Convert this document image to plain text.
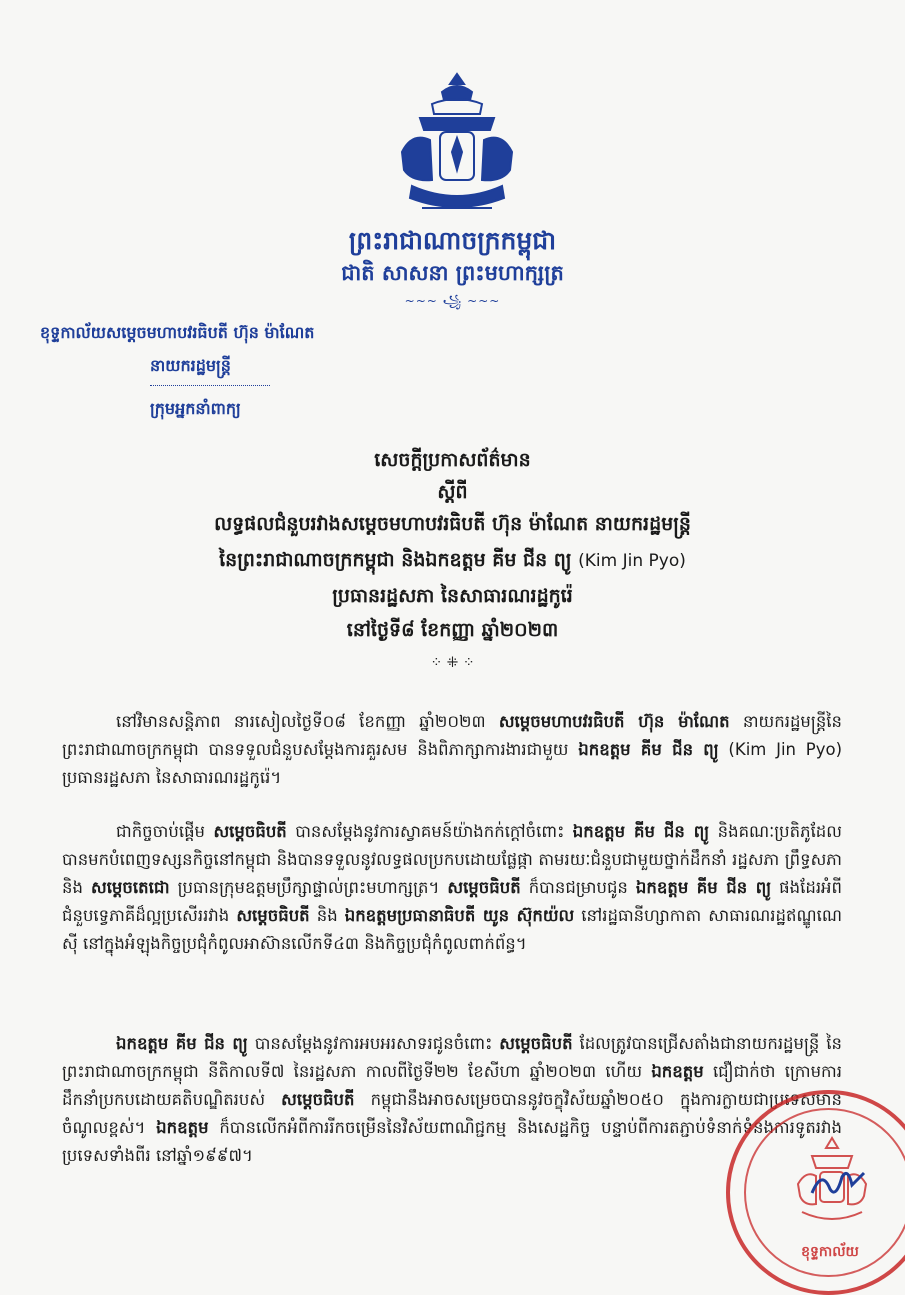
ព្រះរាជាណាចក្រកម្ពុជា
ជាតិ សាសនា ព្រះមហាក្សត្រ
~~~ ꧁ ~~~
ខុទ្ទកាល័យសម្តេចមហាបវរធិបតី ហ៊ុន ម៉ាណែត
នាយករដ្ឋមន្ត្រី
ក្រុមអ្នកនាំពាក្យ
សេចក្តីប្រកាសព័ត៌មាន
ស្តីពី
លទ្ធផលជំនួបរវាងសម្តេចមហាបវរធិបតី ហ៊ុន ម៉ាណែត នាយករដ្ឋមន្ត្រី
នៃព្រះរាជាណាចក្រកម្ពុជា និងឯកឧត្តម គីម ជីន ព្យូ (Kim Jin Pyo)
ប្រធានរដ្ឋសភា នៃសាធារណរដ្ឋកូរ៉េ
នៅថ្ងៃទី៨ ខែកញ្ញា ឆ្នាំ២០២៣
⁘ ⁜ ⁘

នៅវិមានសន្តិភាព នារសៀលថ្ងៃទី០៨ ខែកញ្ញា ឆ្នាំ២០២៣ សម្តេចមហាបវរធិបតី ហ៊ុន ម៉ាណែត នាយករដ្ឋមន្ត្រីនៃព្រះរាជាណាចក្រកម្ពុជា បានទទួលជំនួបសម្តែងការគួរសម និងពិភាក្សាការងារជាមួយ ឯកឧត្តម គីម ជីន ព្យូ (Kim Jin Pyo) ប្រធានរដ្ឋសភា នៃសាធារណរដ្ឋកូរ៉េ។

ជាកិច្ចចាប់ផ្តើម សម្តេចធិបតី បានសម្តែងនូវការស្វាគមន៍យ៉ាងកក់ក្តៅចំពោះ ឯកឧត្តម គីម ជីន ព្យូ និងគណៈប្រតិភូដែលបានមកបំពេញទស្សនកិច្ចនៅកម្ពុជា និងបានទទួលនូវលទ្ធផលប្រកបដោយផ្លែផ្កា តាមរយៈជំនួបជាមួយថ្នាក់ដឹកនាំ រដ្ឋសភា ព្រឹទ្ធសភា និង សម្តេចតេជោ ប្រធានក្រុមឧត្តមប្រឹក្សាផ្ទាល់ព្រះមហាក្សត្រ។ សម្តេចធិបតី ក៏បានជម្រាបជូន ឯកឧត្តម គីម ជីន ព្យូ ផងដែរអំពីជំនួបទ្វេភាគីដ៏ល្អប្រសើររវាង សម្តេចធិបតី និង ឯកឧត្តមប្រធានាធិបតី យូន ស៊ុកយ៉ល នៅរដ្ឋធានីហ្សាកាតា សាធារណរដ្ឋឥណ្ឌូណេស៊ី នៅក្នុងអំឡុងកិច្ចប្រជុំកំពូលអាស៊ានលើកទី៤៣ និងកិច្ចប្រជុំកំពូលពាក់ព័ន្ធ។

ឯកឧត្តម គីម ជីន ព្យូ បានសម្តែងនូវការអបអរសាទរជូនចំពោះ សម្តេចធិបតី ដែលត្រូវបានជ្រើសតាំងជានាយករដ្ឋមន្ត្រី នៃព្រះរាជាណាចក្រកម្ពុជា នីតិកាលទី៧ នៃរដ្ឋសភា កាលពីថ្ងៃទី២២ ខែសីហា ឆ្នាំ២០២៣ ហើយ ឯកឧត្តម ជឿជាក់ថា ក្រោមការដឹកនាំប្រកបដោយគតិបណ្ឌិតរបស់ សម្តេចធិបតី កម្ពុជានឹងអាចសម្រេចបាននូវចក្ខុវិស័យឆ្នាំ២០៥០ ក្នុងការក្លាយជាប្រទេសមានចំណូលខ្ពស់។ ឯកឧត្តម ក៏បានលើកអំពីការរីកចម្រើននៃវិស័យពាណិជ្ជកម្ម និងសេដ្ឋកិច្ច បន្ទាប់ពីការតភ្ជាប់ទំនាក់ទំនងការទូតរវាងប្រទេសទាំងពីរ នៅឆ្នាំ១៩៩៧។

ខុទ្ទកាល័យ
